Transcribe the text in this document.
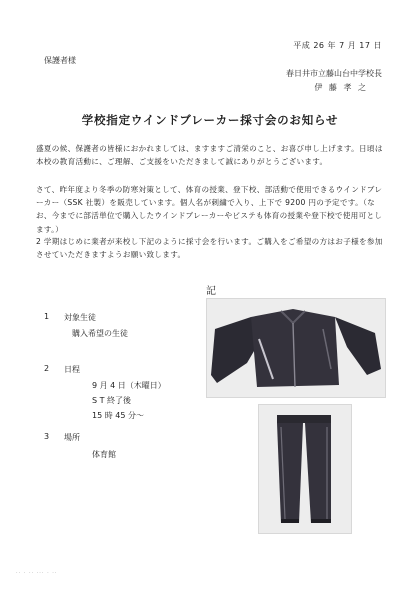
平成 26 年 7 月 17 日
保護者様
春日井市立藤山台中学校長
伊 藤 孝 之
学校指定ウインドブレーカー採寸会のお知らせ
盛夏の候、保護者の皆様におかれましては、ますますご清栄のこと、お喜び申し上げます。日頃は本校の教育活動に、ご理解、ご支援をいただきまして誠にありがとうございます。
さて、昨年度より冬季の防寒対策として、体育の授業、登下校、部活動で使用できるウインドブレーカー（SSK 社製）を販売しています。個人名が刺繍で入り、上下で 9200 円の予定です。（なお、今までに部活単位で購入したウインドブレーカーやビステも体育の授業や登下校で使用可とします。）
2 学期はじめに業者が来校し下記のように採寸会を行います。ご購入をご希望の方はお子様を参加させていただきますようお願い致します。
記
1 対象生徒
購入希望の生徒
2 日程
9 月 4 日（木曜日）
S T 終了後
15 時 45 分～
3 場所
体育館
·· · ·· ··· · ··
